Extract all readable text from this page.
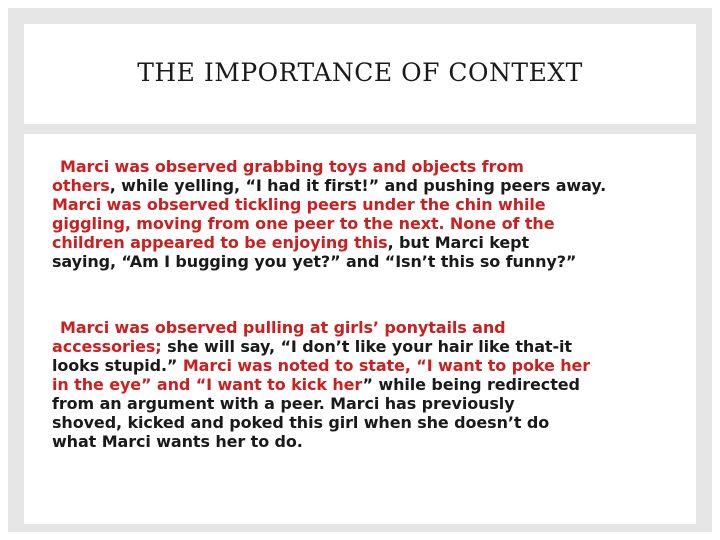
THE IMPORTANCE OF CONTEXT

Marci was observed grabbing toys and objects from
others, while yelling, “I had it first!” and pushing peers away.
Marci was observed tickling peers under the chin while
giggling, moving from one peer to the next. None of the
children appeared to be enjoying this, but Marci kept
saying, “Am I bugging you yet?” and “Isn’t this so funny?”

Marci was observed pulling at girls’ ponytails and
accessories; she will say, “I don’t like your hair like that-it
looks stupid.” Marci was noted to state, “I want to poke her
in the eye” and “I want to kick her” while being redirected
from an argument with a peer. Marci has previously
shoved, kicked and poked this girl when she doesn’t do
what Marci wants her to do.
